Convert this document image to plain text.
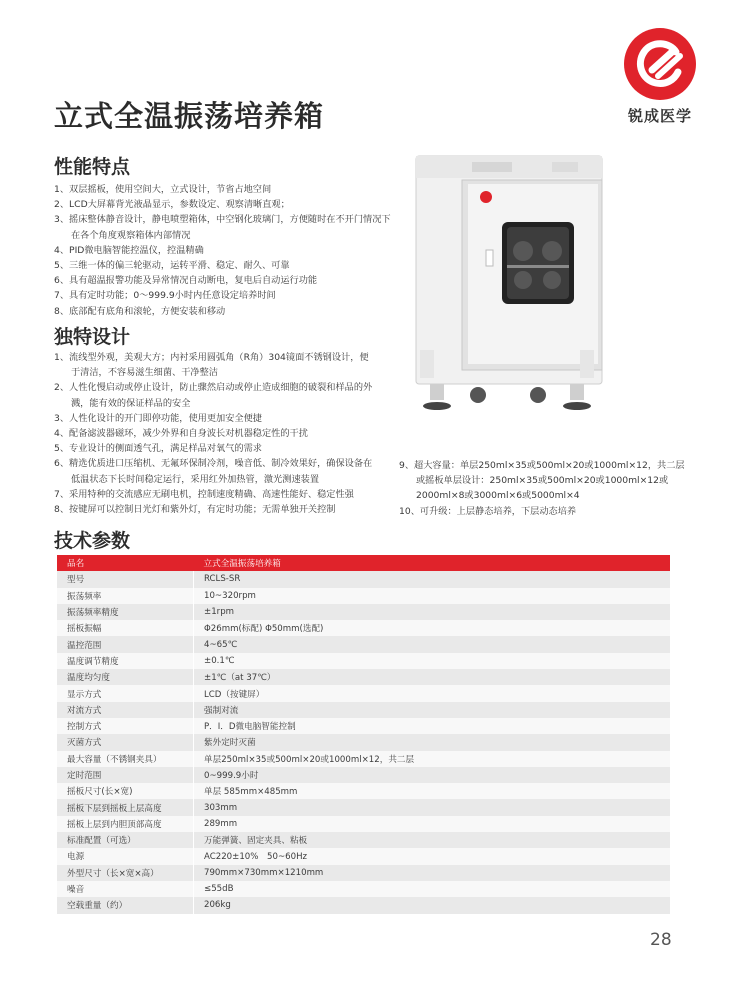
锐成医学
立式全温振荡培养箱
性能特点
1、双层摇板，使用空间大，立式设计，节省占地空间
2、LCD大屏幕背光液晶显示，参数设定、观察清晰直观；
3、摇床整体静音设计，静电喷塑箱体，中空钢化玻璃门，方便随时在不开门情况下在各个角度观察箱体内部情况
4、PID微电脑智能控温仪，控温精确
5、三维一体的偏三轮驱动，运转平滑、稳定、耐久、可靠
6、具有超温报警功能及异常情况自动断电，复电后自动运行功能
7、具有定时功能；0～999.9小时内任意设定培养时间
8、底部配有底角和滚轮，方便安装和移动
独特设计
1、流线型外观，美观大方；内衬采用圆弧角（R角）304镜面不锈钢设计，便于清洁，不容易滋生细菌、干净整洁
2、人性化慢启动或停止设计，防止骤然启动或停止造成细胞的破裂和样品的外溅，能有效的保证样品的安全
3、人性化设计的开门即停功能，使用更加安全便捷
4、配备滤波器磁环，减少外界和自身波长对机器稳定性的干扰
5、专业设计的侧面透气孔，满足样品对氧气的需求
6、精选优质进口压缩机、无氟环保制冷剂，噪音低、制冷效果好，确保设备在低温状态下长时间稳定运行，采用红外加热管，激光测速装置
7、采用特种的交流感应无刷电机，控制速度精确、高速性能好、稳定性强
8、按键屏可以控制日光灯和紫外灯，有定时功能；无需单独开关控制
9、超大容量：单层250ml×35或500ml×20或1000ml×12，共二层或摇板单层设计：250ml×35或500ml×20或1000ml×12或2000ml×8或3000ml×6或5000ml×4
10、可升级：上层静态培养，下层动态培养
技术参数
品名	立式全温振荡培养箱
型号	RCLS-SR
振荡频率	10~320rpm
振荡频率精度	±1rpm
摇板振幅	Φ26mm(标配) Φ50mm(选配)
温控范围	4~65℃
温度调节精度	±0.1℃
温度均匀度	±1℃（at 37℃）
显示方式	LCD（按键屏）
对流方式	强制对流
控制方式	P．I．D微电脑智能控制
灭菌方式	紫外定时灭菌
最大容量（不锈钢夹具）	单层250ml×35或500ml×20或1000ml×12，共二层
定时范围	0~999.9小时
摇板尺寸(长×宽)	单层 585mm×485mm
摇板下层到摇板上层高度	303mm
摇板上层到内胆顶部高度	289mm
标准配置（可选）	万能弹簧、固定夹具、粘板
电源	AC220±10%　50~60Hz
外型尺寸（长×宽×高）	790mm×730mm×1210mm
噪音	≤55dB
空载重量（约）	206kg
28
